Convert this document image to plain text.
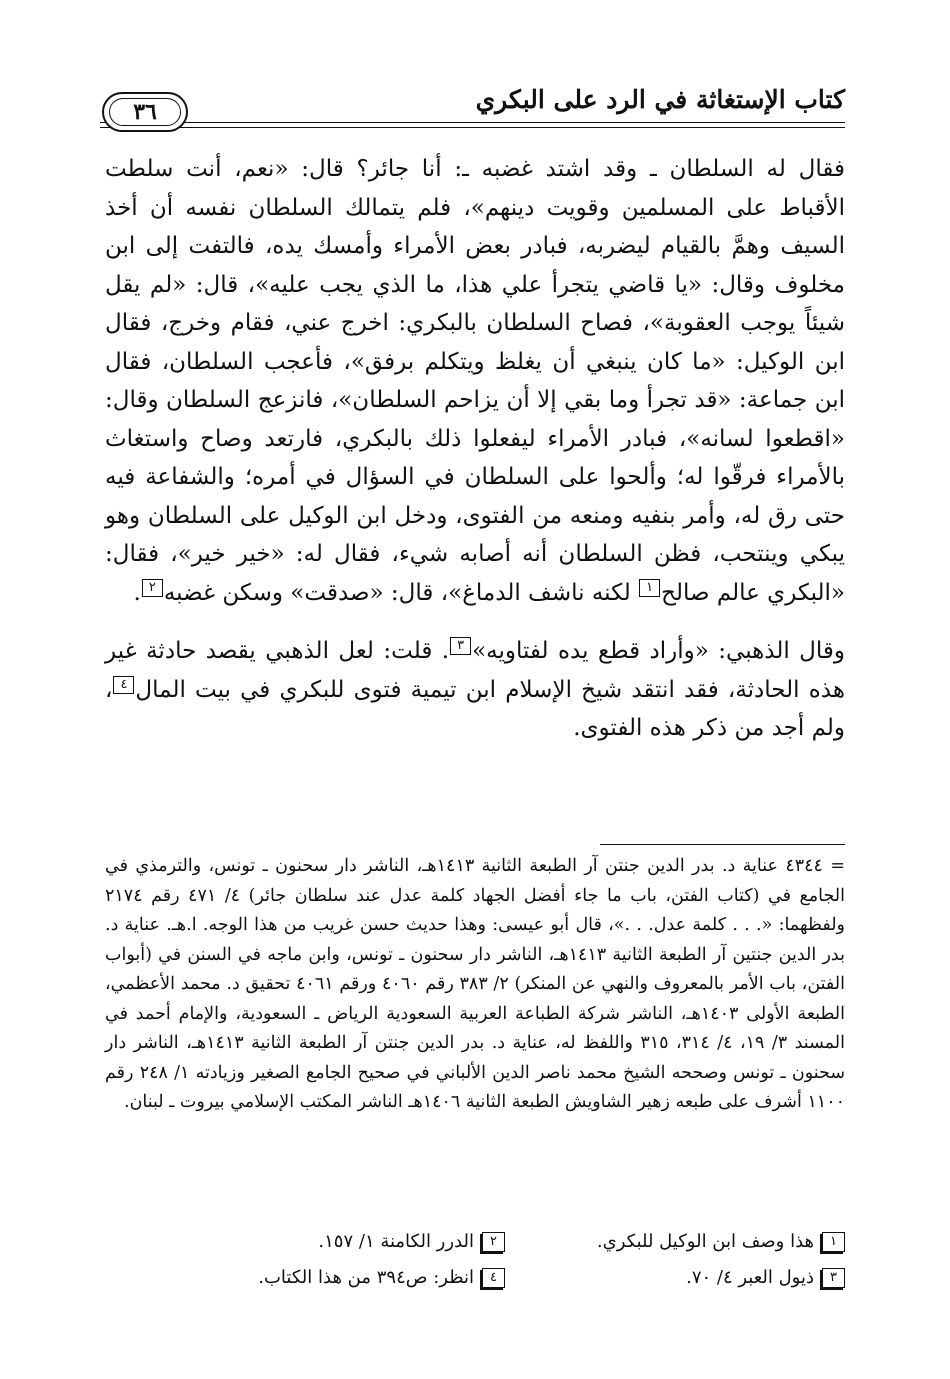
كتاب الإستغاثة في الرد على البكري
٣٦

فقال له السلطان ـ وقد اشتد غضبه ـ: أنا جائر؟ قال: «نعم، أنت سلطت الأقباط على المسلمين وقويت دينهم»، فلم يتمالك السلطان نفسه أن أخذ السيف وهمَّ بالقيام ليضربه، فبادر بعض الأمراء وأمسك يده، فالتفت إلى ابن مخلوف وقال: «يا قاضي يتجرأ علي هذا، ما الذي يجب عليه»، قال: «لم يقل شيئاً يوجب العقوبة»، فصاح السلطان بالبكري: اخرج عني، فقام وخرج، فقال ابن الوكيل: «ما كان ينبغي أن يغلظ ويتكلم برفق»، فأعجب السلطان، فقال ابن جماعة: «قد تجرأ وما بقي إلا أن يزاحم السلطان»، فانزعج السلطان وقال: «اقطعوا لسانه»، فبادر الأمراء ليفعلوا ذلك بالبكري، فارتعد وصاح واستغاث بالأمراء فرقّوا له؛ وألحوا على السلطان في السؤال في أمره؛ والشفاعة فيه حتى رق له، وأمر بنفيه ومنعه من الفتوى، ودخل ابن الوكيل على السلطان وهو يبكي وينتحب، فظن السلطان أنه أصابه شيء، فقال له: «خير خير»، فقال: «البكري عالم صالح١ لكنه ناشف الدماغ»، قال: «صدقت» وسكن غضبه٢.

وقال الذهبي: «وأراد قطع يده لفتاويه»٣. قلت: لعل الذهبي يقصد حادثة غير هذه الحادثة، فقد انتقد شيخ الإسلام ابن تيمية فتوى للبكري في بيت المال٤، ولم أجد من ذكر هذه الفتوى.

= ٤٣٤٤ عناية د. بدر الدين جنتن آر الطبعة الثانية ١٤١٣هـ، الناشر دار سحنون ـ تونس، والترمذي في الجامع في (كتاب الفتن، باب ما جاء أفضل الجهاد كلمة عدل عند سلطان جائر) ٤/ ٤٧١ رقم ٢١٧٤ ولفظهما: «. . . كلمة عدل. . .»، قال أبو عيسى: وهذا حديث حسن غريب من هذا الوجه. ا.هـ. عناية د. بدر الدين جنتين آر الطبعة الثانية ١٤١٣هـ، الناشر دار سحنون ـ تونس، وابن ماجه في السنن في (أبواب الفتن، باب الأمر بالمعروف والنهي عن المنكر) ٢/ ٣٨٣ رقم ٤٠٦٠ ورقم ٤٠٦١ تحقيق د. محمد الأعظمي، الطبعة الأولى ١٤٠٣هـ، الناشر شركة الطباعة العربية السعودية الرياض ـ السعودية، والإمام أحمد في المسند ٣/ ١٩، ٤/ ٣١٤، ٣١٥ واللفظ له، عناية د. بدر الدين جنتن آر الطبعة الثانية ١٤١٣هـ، الناشر دار سحنون ـ تونس وصححه الشيخ محمد ناصر الدين الألباني في صحيح الجامع الصغير وزيادته ١/ ٢٤٨ رقم ١١٠٠ أشرف على طبعه زهير الشاويش الطبعة الثانية ١٤٠٦هـ الناشر المكتب الإسلامي بيروت ـ لبنان.

١هذا وصف ابن الوكيل للبكري.
٢الدرر الكامنة ١/ ١٥٧.
٣ذيول العبر ٤/ ٧٠.
٤انظر: ص٣٩٤ من هذا الكتاب.
